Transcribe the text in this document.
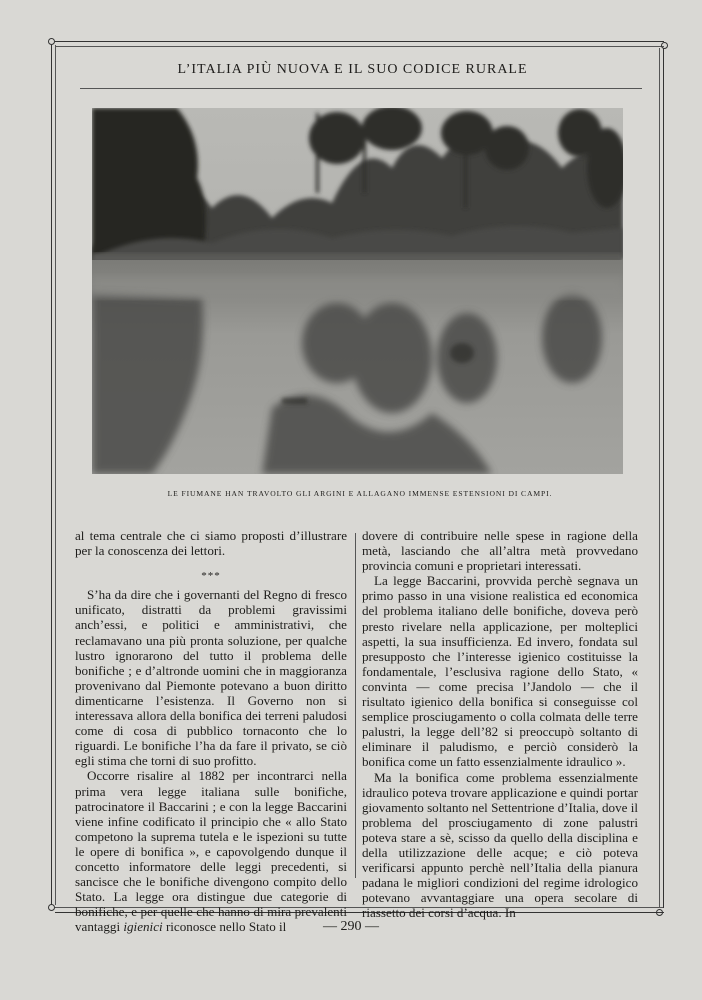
L’ITALIA PIÙ NUOVA E IL SUO CODICE RURALE
LE FIUMANE HAN TRAVOLTO GLI ARGINI E ALLAGANO IMMENSE ESTENSIONI DI CAMPI.

al tema centrale che ci siamo proposti d’illustrare per la conoscenza dei lettori.

***

S’ha da dire che i governanti del Regno di fresco unificato, distratti da problemi gravissimi anch’essi, e politici e amministrativi, che reclamavano una più pronta soluzione, per qualche lustro ignorarono del tutto il problema delle bonifiche ; e d’altronde uomini che in maggioranza provenivano dal Piemonte potevano a buon diritto dimenticarne l’esistenza. Il Governo non si interessava allora della bonifica dei terreni paludosi come di cosa di pubblico tornaconto che lo riguardi. Le bonifiche l’ha da fare il privato, se ciò egli stima che torni di suo profitto.

Occorre risalire al 1882 per incontrarci nella prima vera legge italiana sulle bonifiche, patrocinatore il Baccarini ; e con la legge Baccarini viene infine codificato il principio che « allo Stato competono la suprema tutela e le ispezioni su tutte le opere di bonifica », e capovolgendo dunque il concetto informatore delle leggi precedenti, si sancisce che le bonifiche divengono compito dello Stato. La legge ora distingue due categorie di bonifiche, e per quelle che hanno di mira prevalenti vantaggi igienici riconosce nello Stato il

dovere di contribuire nelle spese in ragione della metà, lasciando che all’altra metà provvedano provincia comuni e proprietari interessati.

La legge Baccarini, provvida perchè segnava un primo passo in una visione realistica ed economica del problema italiano delle bonifiche, doveva però presto rivelare nella applicazione, per molteplici aspetti, la sua insufficienza. Ed invero, fondata sul presupposto che l’interesse igienico costituisse la fondamentale, l’esclusiva ragione dello Stato, « convinta — come precisa l’Jandolo — che il risultato igienico della bonifica si conseguisse col semplice prosciugamento o colla colmata delle terre palustri, la legge dell’82 si preoccupò soltanto di eliminare il paludismo, e perciò considerò la bonifica come un fatto essenzialmente idraulico ».

Ma la bonifica come problema essenzialmente idraulico poteva trovare applicazione e quindi portar giovamento soltanto nel Settentrione d’Italia, dove il problema del prosciugamento di zone palustri poteva stare a sè, scisso da quello della disciplina e della utilizzazione delle acque; e ciò poteva verificarsi appunto perchè nell’Italia della pianura padana le migliori condizioni del regime idrologico potevano avvantaggiare una opera secolare di riassetto dei corsi d’acqua. In

— 290 —
